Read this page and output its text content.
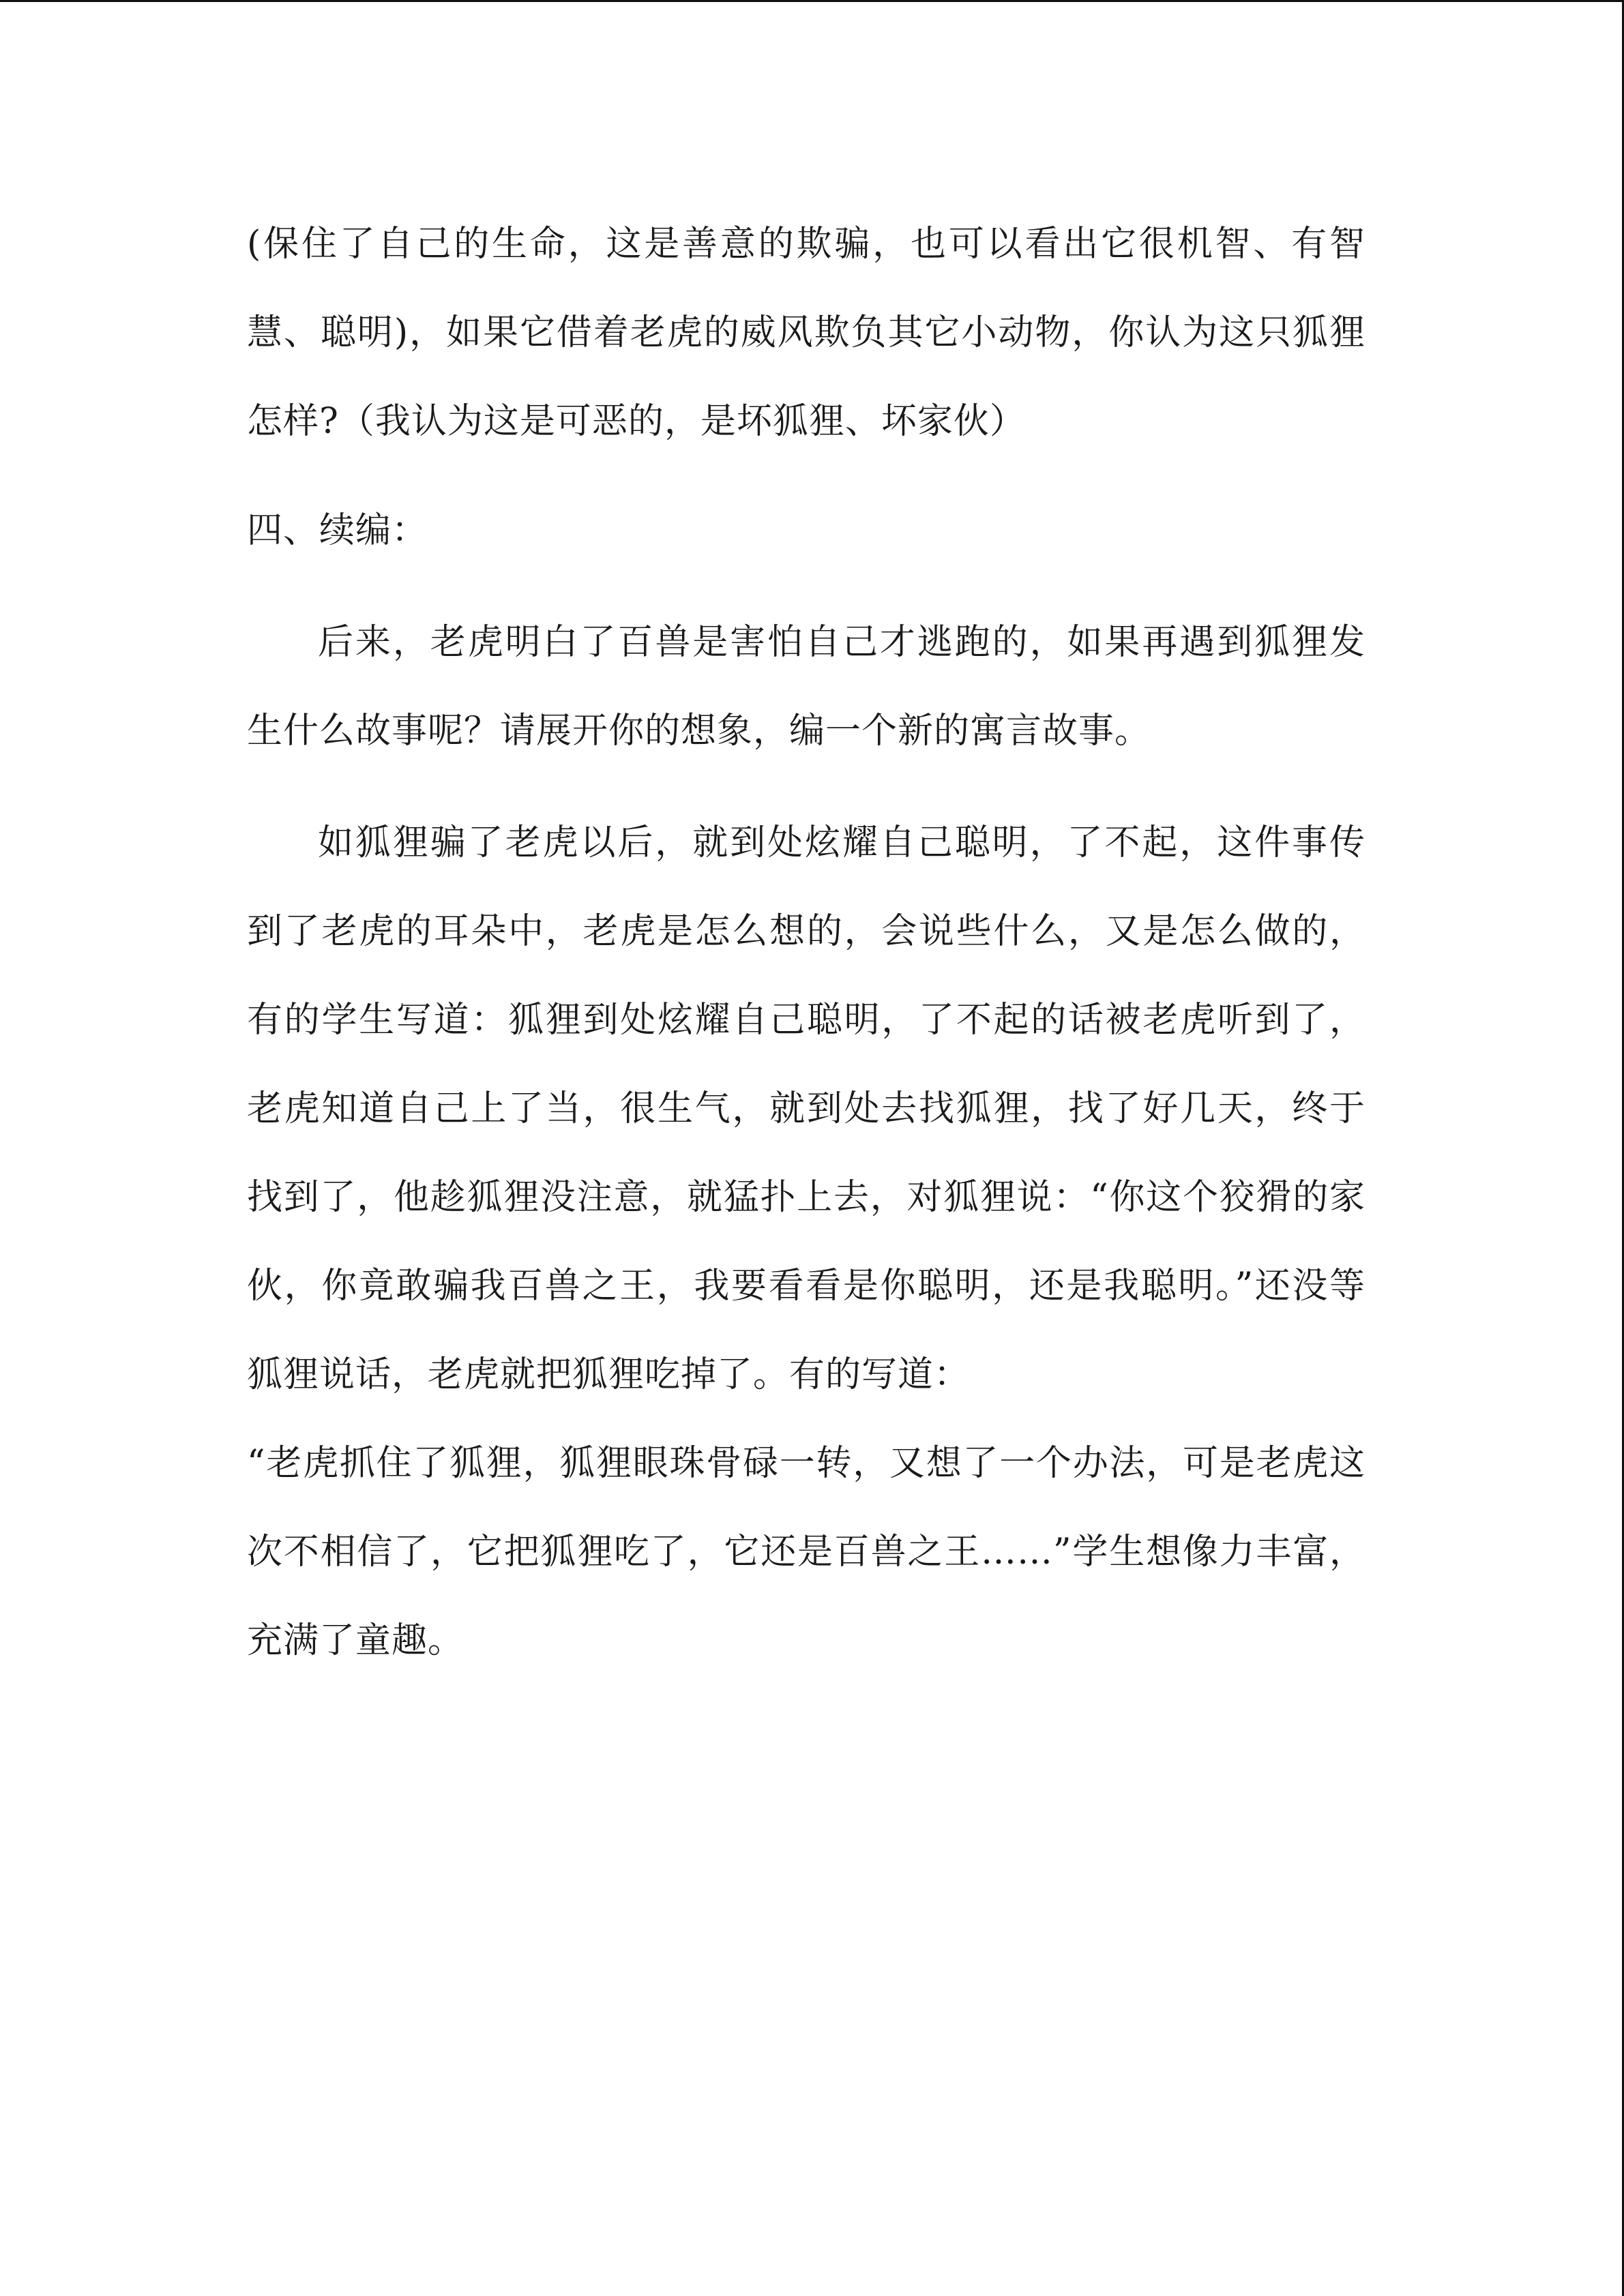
(保住了自己的生命，这是善意的欺骗，也可以看出它很机智、有智慧、聪明)，如果它借着老虎的威风欺负其它小动物，你认为这只狐狸怎样?（我认为这是可恶的，是坏狐狸、坏家伙）

四、续编：

后来，老虎明白了百兽是害怕自己才逃跑的，如果再遇到狐狸发生什么故事呢？请展开你的想象，编一个新的寓言故事。

如狐狸骗了老虎以后，就到处炫耀自己聪明，了不起，这件事传到了老虎的耳朵中，老虎是怎么想的，会说些什么，又是怎么做的，有的学生写道：狐狸到处炫耀自己聪明，了不起的话被老虎听到了，老虎知道自己上了当，很生气，就到处去找狐狸，找了好几天，终于找到了，他趁狐狸没注意，就猛扑上去，对狐狸说：“你这个狡猾的家伙，你竟敢骗我百兽之王，我要看看是你聪明，还是我聪明。”还没等狐狸说话，老虎就把狐狸吃掉了。有的写道：

“老虎抓住了狐狸，狐狸眼珠骨碌一转，又想了一个办法，可是老虎这次不相信了，它把狐狸吃了，它还是百兽之王……”学生想像力丰富，充满了童趣。
